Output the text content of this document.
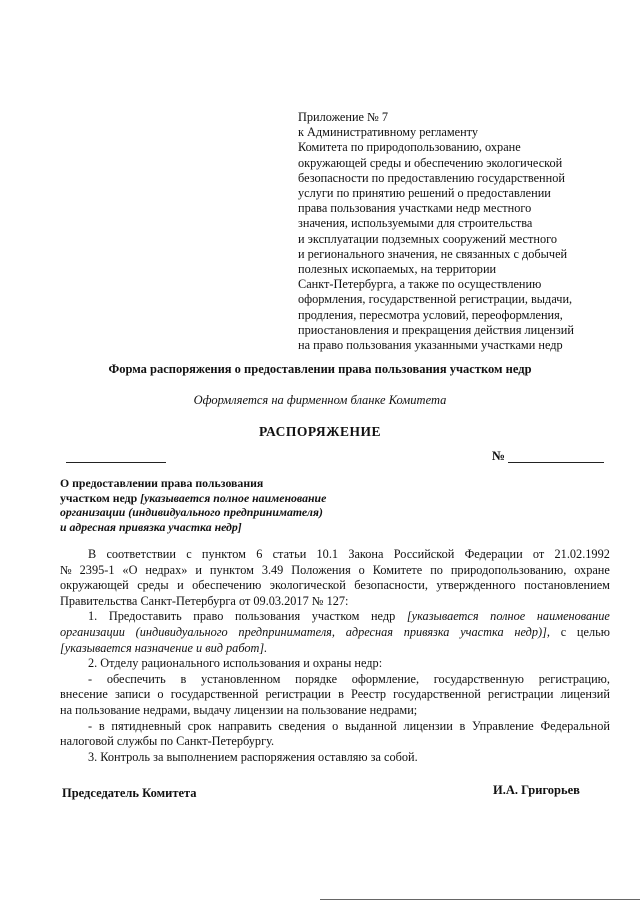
Приложение № 7
к Административному регламенту
Комитета по природопользованию, охране
окружающей среды и обеспечению экологической
безопасности по предоставлению государственной
услуги по принятию решений о предоставлении
права пользования участками недр местного
значения, используемыми для строительства
и эксплуатации подземных сооружений местного
и регионального значения, не связанных с добычей
полезных ископаемых, на территории
Санкт-Петербурга, а также по осуществлению
оформления, государственной регистрации, выдачи,
продления, пересмотра условий, переоформления,
приостановления и прекращения действия лицензий
на право пользования указанными участками недр
Форма распоряжения о предоставлении права пользования участком недр
Оформляется на фирменном бланке Комитета
РАСПОРЯЖЕНИЕ
№
О предоставлении права пользования
участком недр [указывается полное наименование
организации (индивидуального предпринимателя)
и адресная привязка участка недр]
В соответствии с пунктом 6 статьи 10.1 Закона Российской Федерации от 21.02.1992
№ 2395-1 «О недрах» и пунктом 3.49 Положения о Комитете по природопользованию, охране
окружающей среды и обеспечению экологической безопасности, утвержденного постановлением
Правительства Санкт-Петербурга от 09.03.2017 № 127:
1. Предоставить право пользования участком недр [указывается полное наименование
организации (индивидуального предпринимателя, адресная привязка участка недр)], с целью
[указывается назначение и вид работ].
2. Отделу рационального использования и охраны недр:
- обеспечить в установленном порядке оформление, государственную регистрацию,
внесение записи о государственной регистрации в Реестр государственной регистрации лицензий
на пользование недрами, выдачу лицензии на пользование недрами;
- в пятидневный срок направить сведения о выданной лицензии в Управление Федеральной
налоговой службы по Санкт-Петербургу.
3. Контроль за выполнением распоряжения оставляю за собой.
Председатель Комитета	И.А. Григорьев
